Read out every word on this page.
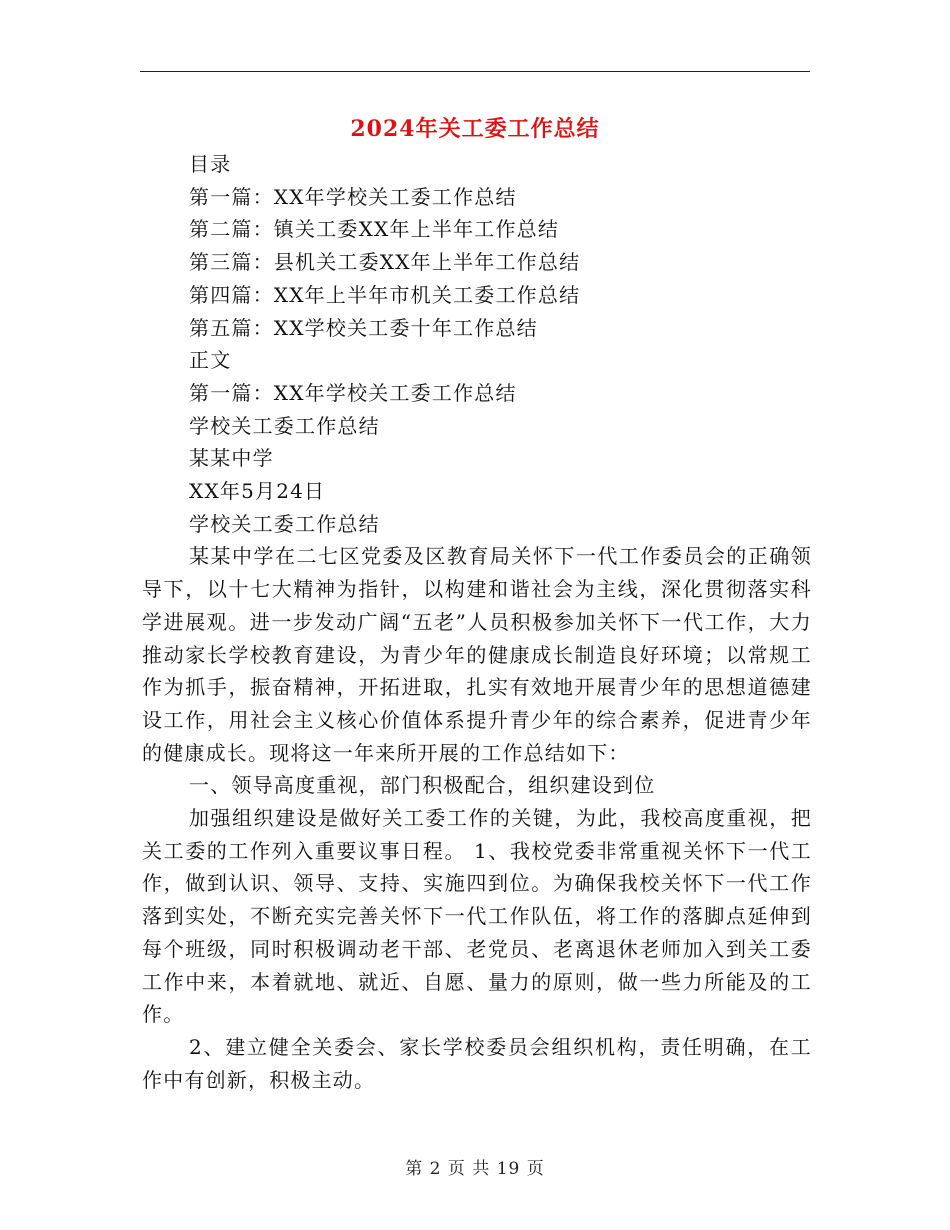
2024年关工委工作总结

目录

第一篇：XX年学校关工委工作总结

第二篇：镇关工委XX年上半年工作总结

第三篇：县机关工委XX年上半年工作总结

第四篇：XX年上半年市机关工委工作总结

第五篇：XX学校关工委十年工作总结

正文

第一篇：XX年学校关工委工作总结

学校关工委工作总结

某某中学

XX年5月24日

学校关工委工作总结

某某中学在二七区党委及区教育局关怀下一代工作委员会的正确领导下，以十七大精神为指针，以构建和谐社会为主线，深化贯彻落实科学进展观。进一步发动广阔“五老”人员积极参加关怀下一代工作，大力推动家长学校教育建设，为青少年的健康成长制造良好环境；以常规工作为抓手，振奋精神，开拓进取，扎实有效地开展青少年的思想道德建设工作，用社会主义核心价值体系提升青少年的综合素养，促进青少年的健康成长。现将这一年来所开展的工作总结如下：

一、领导高度重视，部门积极配合，组织建设到位

加强组织建设是做好关工委工作的关键，为此，我校高度重视，把关工委的工作列入重要议事日程。 1、我校党委非常重视关怀下一代工作，做到认识、领导、支持、实施四到位。为确保我校关怀下一代工作落到实处，不断充实完善关怀下一代工作队伍，将工作的落脚点延伸到每个班级，同时积极调动老干部、老党员、老离退休老师加入到关工委工作中来，本着就地、就近、自愿、量力的原则，做一些力所能及的工作。

2、建立健全关委会、家长学校委员会组织机构，责任明确，在工作中有创新，积极主动。

第 2 页 共 19 页
